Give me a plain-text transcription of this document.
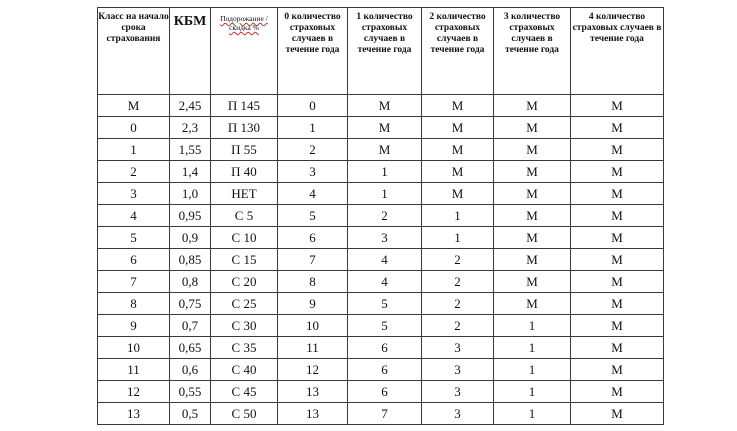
Класс на начало срока страхования	КБМ	Подорожание /скидка %	0 количество страховых случаев в течение года	1 количество страховых случаев в течение года	2 количество страховых случаев в течение года	3 количество страховых случаев в течение года	4 количество страховых случаев в течение года
М	2,45	П 145	0	М	М	М	М
0	2,3	П 130	1	М	М	М	М
1	1,55	П 55	2	М	М	М	М
2	1,4	П 40	3	1	М	М	М
3	1,0	НЕТ	4	1	М	М	М
4	0,95	С 5	5	2	1	М	М
5	0,9	С 10	6	3	1	М	М
6	0,85	С 15	7	4	2	М	М
7	0,8	С 20	8	4	2	М	М
8	0,75	С 25	9	5	2	М	М
9	0,7	С 30	10	5	2	1	М
10	0,65	С 35	11	6	3	1	М
11	0,6	С 40	12	6	3	1	М
12	0,55	С 45	13	6	3	1	М
13	0,5	С 50	13	7	3	1	М
